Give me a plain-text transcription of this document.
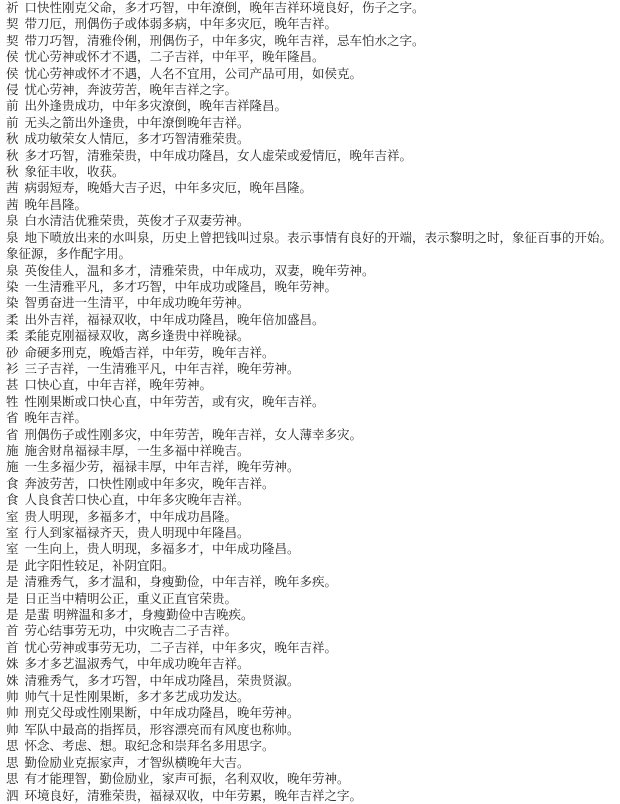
祈 口快性刚克父命，多才巧智，中年潦倒，晚年吉祥环境良好，伤子之字。

契 带刀厄，刑偶伤子或体弱多病，中年多灾厄，晚年吉祥。

契 带刀巧智，清雅伶俐，刑偶伤子，中年多灾，晚年吉祥，忌车怕水之字。

侯 忧心劳神或怀才不遇，二子吉祥，中年平，晚年隆昌。

侯 忧心劳神或怀才不遇，人名不宜用，公司产品可用，如侯克。

侵 忧心劳神，奔波劳苦，晚年吉祥之字。

前 出外逢贵成功，中年多灾潦倒，晚年吉祥隆昌。

前 无头之箭出外逢贵，中年潦倒晚年吉祥。

秋 成功敏荣女人情厄，多才巧智清雅荣贵。

秋 多才巧智，清雅荣贵，中年成功隆昌，女人虚荣或爱情厄，晚年吉祥。

秋 象征丰收，收获。

茜 病弱短寿，晚婚大吉子迟，中年多灾厄，晚年昌隆。

茜 晚年昌隆。

泉 白水清洁优雅荣贵，英俊才子双妻劳神。

泉 地下喷放出来的水叫泉，历史上曾把钱叫过泉。表示事情有良好的开端，表示黎明之时，象征百事的开始。象征源，多作配字用。

泉 英俊佳人，温和多才，清雅荣贵，中年成功，双妻，晚年劳神。

染 一生清雅平凡，多才巧智，中年成功或隆昌，晚年劳神。

染 智勇奋进一生清平，中年成功晚年劳神。

柔 出外吉祥，福禄双收，中年成功隆昌，晚年倍加盛昌。

柔 柔能克刚福禄双收，离乡逢贵中祥晚禄。

砂 命硬多刑克，晚婚吉祥，中年劳，晚年吉祥。

衫 三子吉祥，一生清雅平凡，中年吉祥，晚年劳神。

甚 口快心直，中年吉祥，晚年劳神。

牲 性刚果断或口快心直，中年劳苦，或有灾，晚年吉祥。

省 晚年吉祥。

省 刑偶伤子或性刚多灾，中年劳苦，晚年吉祥，女人薄幸多灾。

施 施舍财帛福禄丰厚，一生多福中祥晚吉。

施 一生多福少劳，福禄丰厚，中年吉祥，晚年劳神。

食 奔波劳苦，口快性刚或中年多灾，晚年吉祥。

食 人良食苦口快心直，中年多灾晚年吉祥。

室 贵人明现，多福多才，中年成功昌隆。

室 行人到家福禄齐天，贵人明现中年隆昌。

室 一生向上，贵人明现，多福多才，中年成功隆昌。

是 此字阳性较足，补阴宜阳。

是 清雅秀气，多才温和，身瘦勤俭，中年吉祥，晚年多疾。

是 日正当中精明公正，重义正直官荣贵。

是 是蜚 明辨温和多才，身瘦勤俭中吉晚疾。

首 劳心结事劳无功，中灾晚吉二子吉祥。

首 忧心劳神或事劳无功，二子吉祥，中年多灾，晚年吉祥。

姝 多才多艺温淑秀气，中年成功晚年吉祥。

姝 清雅秀气，多才巧智，中年成功隆昌，荣贵贤淑。

帅 帅气十足性刚果断，多才多艺成功发达。

帅 刑克父母或性刚果断，中年成功隆昌，晚年劳神。

帅 军队中最高的指挥员，形容漂亮而有风度也称帅。

思 怀念、考虑、想。取纪念和崇拜名多用思字。

思 勤俭励业克振家声，才智纵横晚年大吉。

思 有才能理智，勤俭励业，家声可振，名利双收，晚年劳神。

泗 环境良好，清雅荣贵，福禄双收，中年劳累，晚年吉祥之字。
